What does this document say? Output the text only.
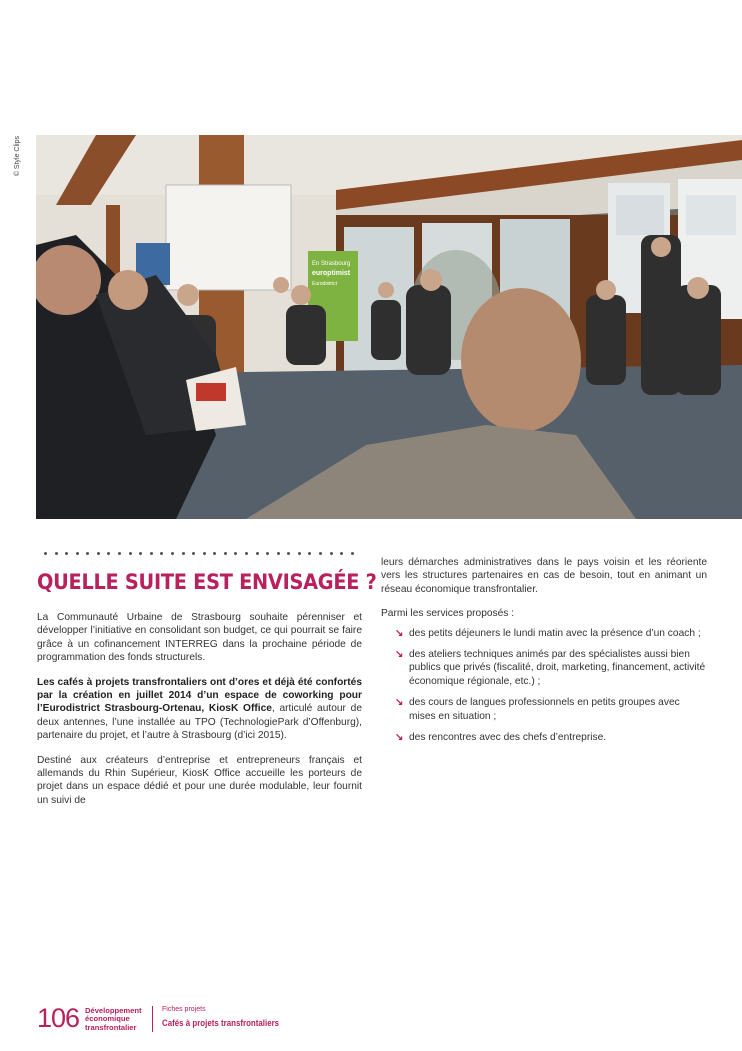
© Style Clips
En Strasbourg
europtimist
Eurodistrict
QUELLE SUITE EST ENVISAGÉE ?

La Communauté Urbaine de Strasbourg souhaite pérenniser et développer l’initiative en consolidant son budget, ce qui pourrait se faire grâce à un cofinancement INTERREG dans la prochaine période de programmation des fonds structurels.

Les cafés à projets transfrontaliers ont d’ores et déjà été confortés par la création en juillet 2014 d’un espace de coworking pour l’Eurodistrict Strasbourg-Ortenau, KiosK Office, articulé autour de deux antennes, l’une installée au TPO (TechnologiePark d’Offenburg), partenaire du projet, et l’autre à Strasbourg (d’ici 2015).

Destiné aux créateurs d’entreprise et entrepreneurs français et allemands du Rhin Supérieur, KiosK Office accueille les porteurs de projet dans un espace dédié et pour une durée modulable, leur fournit un suivi de

leurs démarches administratives dans le pays voisin et les réoriente vers les structures partenaires en cas de besoin, tout en animant un réseau économique transfrontalier.

Parmi les services proposés :

↘ des petits déjeuners le lundi matin avec la présence d’un coach ;
↘ des ateliers techniques animés par des spécialistes aussi bien publics que privés (fiscalité, droit, marketing, financement, activité économique régionale, etc.) ;
↘ des cours de langues professionnels en petits groupes avec mises en situation ;
↘ des rencontres avec des chefs d’entreprise.
106 Développement
économique
transfrontalier
Fiches projets
Cafés à projets transfrontaliers
